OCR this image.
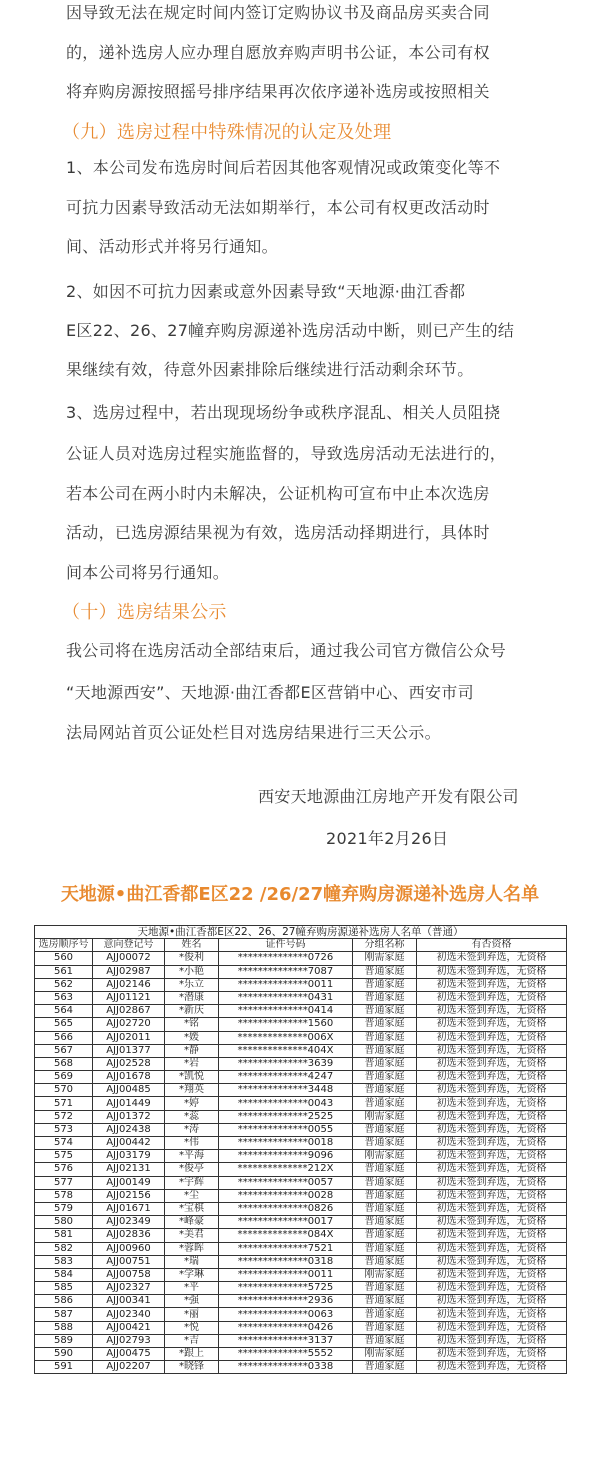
因导致无法在规定时间内签订定购协议书及商品房买卖合同
的，递补选房人应办理自愿放弃购声明书公证，本公司有权
将弃购房源按照摇号排序结果再次依序递补选房或按照相关
（九）选房过程中特殊情况的认定及处理
1、本公司发布选房时间后若因其他客观情况或政策变化等不
可抗力因素导致活动无法如期举行，本公司有权更改活动时
间、活动形式并将另行通知。
2、如因不可抗力因素或意外因素导致“天地源·曲江香都
E区22、26、27幢弃购房源递补选房活动中断，则已产生的结
果继续有效，待意外因素排除后继续进行活动剩余环节。
3、选房过程中，若出现现场纷争或秩序混乱、相关人员阻挠
公证人员对选房过程实施监督的，导致选房活动无法进行的，
若本公司在两小时内未解决，公证机构可宣布中止本次选房
活动，已选房源结果视为有效，选房活动择期进行，具体时
间本公司将另行通知。
（十）选房结果公示
我公司将在选房活动全部结束后，通过我公司官方微信公众号
“天地源西安”、天地源·曲江香都E区营销中心、西安市司
法局网站首页公证处栏目对选房结果进行三天公示。
西安天地源曲江房地产开发有限公司
2021年2月26日
天地源•曲江香都E区22 /26/27幢弃购房源递补选房人名单
天地源•曲江香都E区22、26、27幢弃购房源递补选房人名单（普通）					
选房顺序号	意向登记号	姓名	证件号码	分组名称	有否资格
560	AJJ00072	*俊利	**************0726	刚需家庭	初选未签到弃选，无资格
561	AJJ02987	*小艳	**************7087	普通家庭	初选未签到弃选，无资格
562	AJJ02146	*乐立	**************0011	普通家庭	初选未签到弃选，无资格
563	AJJ01121	*潜康	**************0431	普通家庭	初选未签到弃选，无资格
564	AJJ02867	*新庆	**************0414	普通家庭	初选未签到弃选，无资格
565	AJJ02720	*铭	**************1560	普通家庭	初选未签到弃选，无资格
566	AJJ02011	*媛	**************006X	普通家庭	初选未签到弃选，无资格
567	AJJ01377	*静	**************404X	普通家庭	初选未签到弃选，无资格
568	AJJ02528	*岩	**************3639	普通家庭	初选未签到弃选，无资格
569	AJJ01678	*凯悦	**************4247	普通家庭	初选未签到弃选，无资格
570	AJJ00485	*翔英	**************3448	普通家庭	初选未签到弃选，无资格
571	AJJ01449	*婷	**************0043	普通家庭	初选未签到弃选，无资格
572	AJJ01372	*蕊	**************2525	刚需家庭	初选未签到弃选，无资格
573	AJJ02438	*涛	**************0055	普通家庭	初选未签到弃选，无资格
574	AJJ00442	*伟	**************0018	普通家庭	初选未签到弃选，无资格
575	AJJ03179	*平海	**************9096	刚需家庭	初选未签到弃选，无资格
576	AJJ02131	*俊亭	**************212X	普通家庭	初选未签到弃选，无资格
577	AJJ00149	*宇辉	**************0057	普通家庭	初选未签到弃选，无资格
578	AJJ02156	*尘	**************0028	普通家庭	初选未签到弃选，无资格
579	AJJ01671	*宝棋	**************0826	普通家庭	初选未签到弃选，无资格
580	AJJ02349	*峰豪	**************0017	普通家庭	初选未签到弃选，无资格
581	AJJ02836	*美君	**************084X	普通家庭	初选未签到弃选，无资格
582	AJJ00960	*蓉晖	**************7521	普通家庭	初选未签到弃选，无资格
583	AJJ00751	*瑞	**************0318	普通家庭	初选未签到弃选，无资格
584	AJJ00758	*学琳	**************0011	刚需家庭	初选未签到弃选，无资格
585	AJJ02327	*平	**************5725	普通家庭	初选未签到弃选，无资格
586	AJJ00341	*强	**************2936	普通家庭	初选未签到弃选，无资格
587	AJJ02340	*丽	**************0063	普通家庭	初选未签到弃选，无资格
588	AJJ00421	*悦	**************0426	普通家庭	初选未签到弃选，无资格
589	AJJ02793	*吉	**************3137	普通家庭	初选未签到弃选，无资格
590	AJJ00475	*跟上	**************5552	刚需家庭	初选未签到弃选，无资格
591	AJJ02207	*晓锋	**************0338	普通家庭	初选未签到弃选，无资格
